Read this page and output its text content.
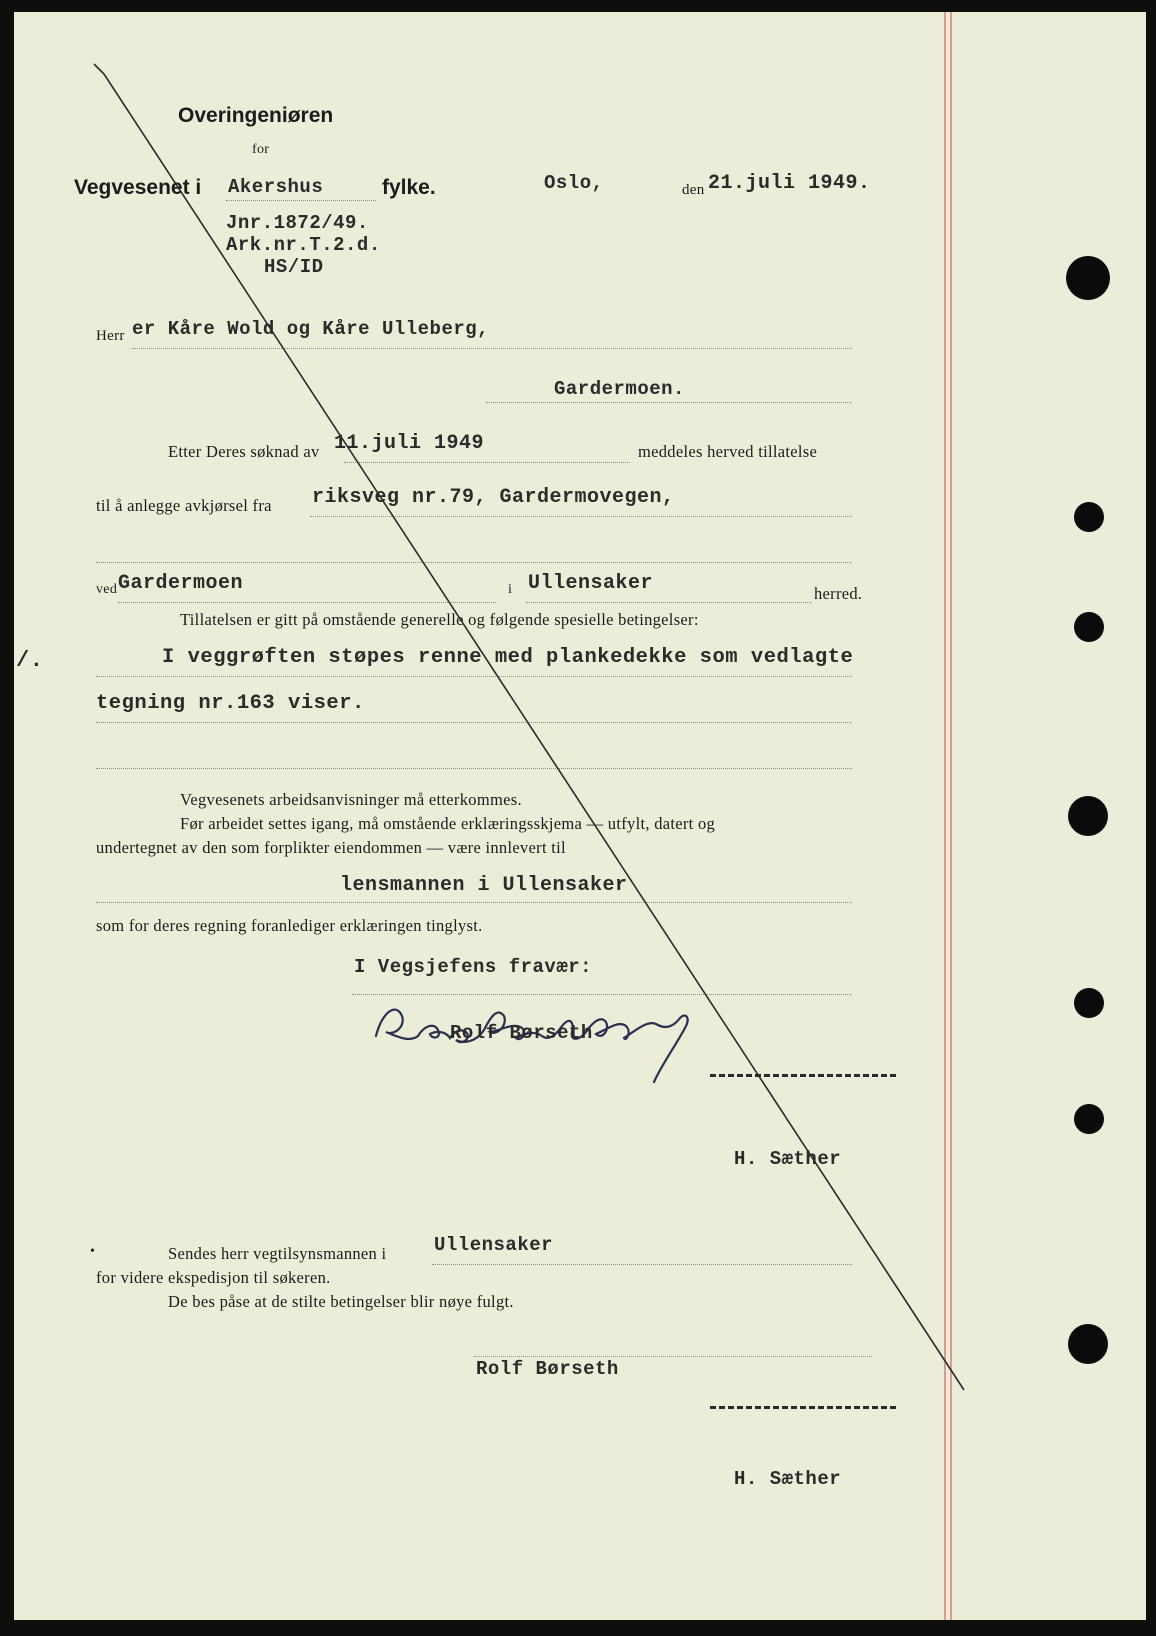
Overingeniøren
for
Vegvesenet i Akershus	fylke.	Oslo,	den 21.juli 1949.
Jnr.1872/49.
Ark.nr.T.2.d.
HS/ID
Herr er Kåre Wold og Kåre Ulleberg,
Gardermoen.
Etter Deres søknad av 11.juli 1949	meddeles herved tillatelse
til å anlegge avkjørsel fra riksveg nr.79, Gardermovegen,
ved Gardermoen	i Ullensaker	herred.
Tillatelsen er gitt på omstående generelle og følgende spesielle betingelser:
/.	I veggrøften støpes renne med plankedekke som vedlagte
tegning nr.163 viser.
Vegvesenets arbeidsanvisninger må etterkommes.
Før arbeidet settes igang, må omstående erklæringsskjema — utfylt, datert og
undertegnet av den som forplikter eiendommen — være innlevert til
lensmannen i Ullensaker
som for deres regning foranlediger erklæringen tinglyst.
I Vegsjefens fravær:
Rolf Børseth
H. Sæther
•	Sendes herr vegtilsynsmannen i	Ullensaker
for videre ekspedisjon til søkeren.
De bes påse at de stilte betingelser blir nøye fulgt.
Rolf Børseth
H. Sæther
